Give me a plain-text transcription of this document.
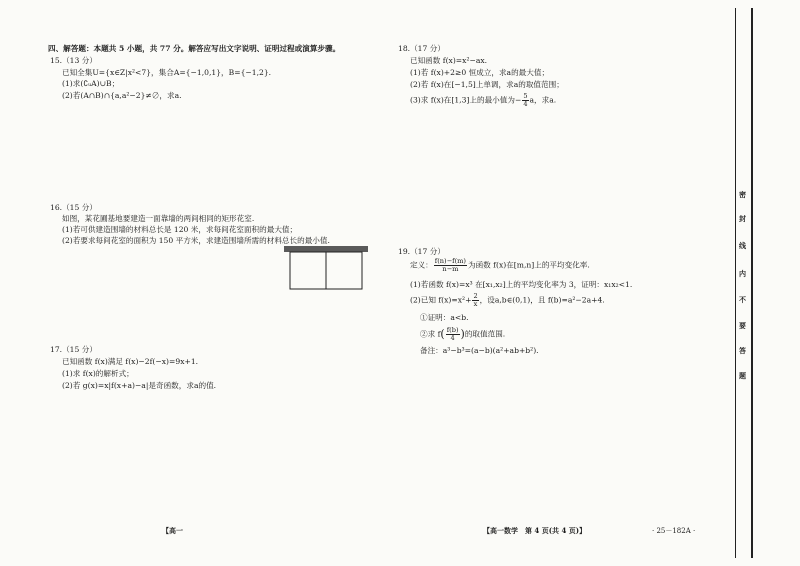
四、解答题：本题共 5 小题，共 77 分。解答应写出文字说明、证明过程或演算步骤。
15.（13 分）
已知全集U={x∈Z|x²<7}，集合A={−1,0,1}，B={−1,2}.
(1)求(∁ᵤA)∪B；
(2)若(A∩B)∩{a,a²−2}≠∅，求a.
16.（15 分）
如图，某花圃基地要建造一面靠墙的两间相同的矩形花室.
(1)若可供建造围墙的材料总长是 120 米，求每间花室面积的最大值；
(2)若要求每间花室的面积为 150 平方米，求建造围墙所需的材料总长的最小值.
17.（15 分）
已知函数 f(x)满足 f(x)−2f(−x)=9x+1.
(1)求 f(x)的解析式；
(2)若 g(x)=x|f(x+a)−a|是奇函数，求a的值.
18.（17 分）
已知函数 f(x)=x²−ax.
(1)若 f(x)+2≥0 恒成立，求a的最大值；
(2)若 f(x)在[−1,5]上单调，求a的取值范围；
(3)求 f(x)在[1,3]上的最小值为− $\frac{5}{4}$ a，求a.
19.（17 分）
定义： $\frac{f(n)-f(m)}{n-m}$ 为函数 f(x)在[m,n]上的平均变化率.
(1)若函数 f(x)=x³ 在[x₁,x₂]上的平均变化率为 3，证明：x₁x₂<1.
(2)已知 $f(x)=x^2+ \frac{2}{x}$ ，设a,b∈(0,1)，且 f(b)=a²−2a+4.
①证明：a<b.
②求 $f( \frac{f(b)}{4}$ )的取值范围.
备注：a³−b³=(a−b)(a²+ab+b²).
密
封
线
内
不
要
答
题
【高一	【高一数学　第 4 页(共 4 页)】	· 25－182A ·
